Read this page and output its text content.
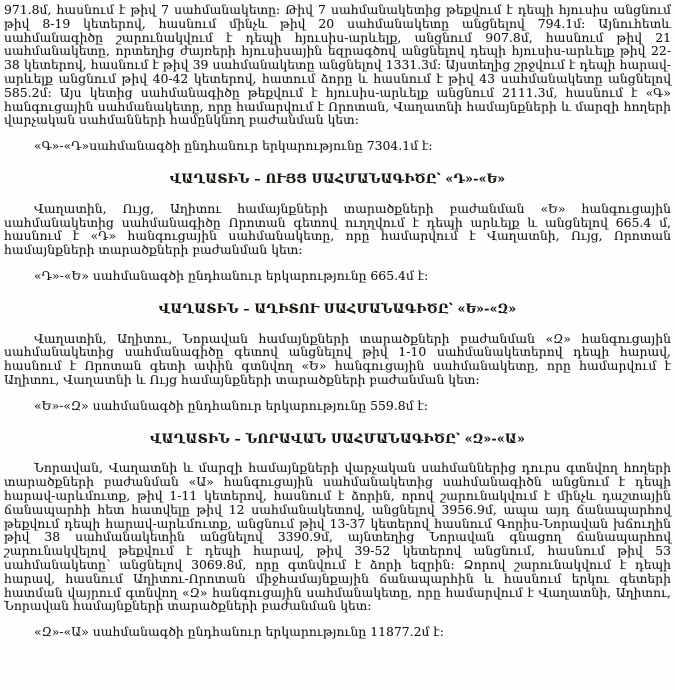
971.8մ, հասնում է թիվ 7 սահմանակետը: Թիվ 7 սահմանակետից թեքվում է դեպի հյուսիս անցնում թիվ 8-19 կետերով, հասնում մինչև թիվ 20 սահմանակետը անցնելով 794.1մ: Այնուհետև սահմանագիծը շարունակվում է դեպի հյուսիս-արևելք, անցնում 907.8մ, հասնում թիվ 21 սահմանակետը, որտեղից ժայռերի հյուսիսային եզրագծով անցնելով դեպի հյուսիս-արևելք թիվ 22-38 կետերով, հասնում է թիվ 39 սահմանակետը անցնելով 1331.3մ: Այստեղից շրջվում է դեպի հարավ-արևելք անցնում թիվ 40-42 կետերով, հատում ձորը և հասնում է թիվ 43 սահմանակետը անցնելով 585.2մ: Այս կետից սահմանագիծը թեքվում է հյուսիս-արևելք անցնում 2111.3մ, հասնում է «Գ» հանգուցային սահմանակետը, որը համարվում է Որոտան, Վաղատնի համայնքների և մարզի հողերի վարչական սահմանների համընկնող բաժանման կետ:

«Գ»-«Դ»սահմանագծի ընդհանուր երկարությունը 7304.1մ է:

ՎԱՂԱՏԻՆ – ՈՒՅՑ ՍԱՀՄԱՆԱԳԻԾԸ՝ «Դ»-«Ե»

Վաղատին, Ույց, Աղիտու համայնքների տարածքների բաժանման «Ե» հանգուցային սահմանակետից սահմանագիծը Որոտան գետով ուղղվում է դեպի արևելք և անցնելով 665.4 մ, հասնում է «Դ» հանգուցային սահմանակետը, որը համարվում է Վաղատնի, Ույց, Որոտան համայնքների տարածքների բաժանման կետ:

«Դ»-«Ե» սահմանագծի ընդհանուր երկարությունը 665.4մ է:

ՎԱՂԱՏԻՆ – ԱՂԻՏՈՒ ՍԱՀՄԱՆԱԳԻԾԸ՝ «Ե»-«Զ»

Վաղատին, Աղիտու, Նորավան համայնքների տարածքների բաժանման «Զ» հանգուցային սահմանակետից սահմանագիծը գետով անցնելով թիվ 1-10 սահմանակետերով դեպի հարավ, հասնում է Որոտան գետի ափին գտնվող «Ե» հանգուցային սահմանակետը, որը համարվում է Աղիտու, Վաղատնի և Ույց համայնքների տարածքների բաժանման կետ:

«Ե»-«Զ» սահմանագծի ընդհանուր երկարությունը 559.8մ է:

ՎԱՂԱՏԻՆ – ՆՈՐԱՎԱՆ ՍԱՀՄԱՆԱԳԻԾԸ՝ «Զ»-«Ա»

Նորավան, Վաղատնի և մարզի համայնքների վարչական սահմաններից դուրս գտնվող հողերի տարածքների բաժանման «Ա» հանգուցային սահմանակետից սահմանագիծն անցնում է դեպի հարավ-արևմուտք, թիվ 1-11 կետերով, հասնում է ձորին, որով շարունակվում է մինչև դաշտային ճանապարհի հետ հատվելը թիվ 12 սահմանակետով, անցնելով 3956.9մ, ապա այդ ճանապարհով թեքվում դեպի հարավ-արևմուտք, անցնում թիվ 13-37 կետերով հասնում Գորիս-Նորավան խճուղին թիվ 38 սահմանակետին անցնելով 3390.9մ, այնտեղից Նորավան գնացող ճանապարհով շարունակվելով թեքվում է դեպի հարավ, թիվ 39-52 կետերով անցնում, հասնում թիվ 53 սահմանակետը՝ անցնելով 3069.8մ, որը գտնվում է ձորի եզրին: Ձորով շարունակվում է դեպի հարավ, հասնում Աղիտու-Որոտան միջհամայնքային ճանապարհին և հասնում երկու գետերի հատման վայրում գտնվող «Զ» հանգուցային սահմանակետը, որը համարվում է Վաղատնի, Աղիտու, Նորավան համայնքների տարածքների բաժանման կետ:

«Զ»-«Ա» սահմանագծի ընդհանուր երկարությունը 11877.2մ է:
